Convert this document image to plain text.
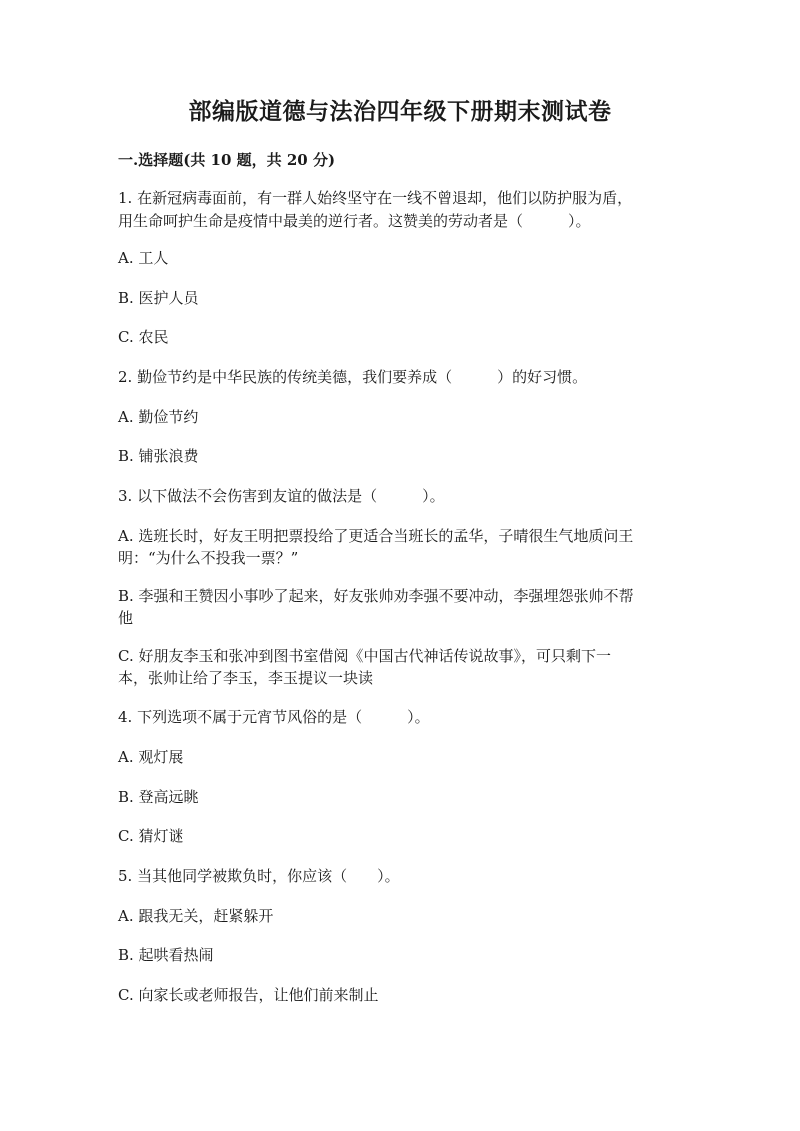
部编版道德与法治四年级下册期末测试卷
一.选择题(共 10 题，共 20 分)
1. 在新冠病毒面前，有一群人始终坚守在一线不曾退却，他们以防护服为盾，
用生命呵护生命是疫情中最美的逆行者。这赞美的劳动者是（　　　）。
A. 工人
B. 医护人员
C. 农民
2. 勤俭节约是中华民族的传统美德，我们要养成（　　　）的好习惯。
A. 勤俭节约
B. 铺张浪费
3. 以下做法不会伤害到友谊的做法是（　　　）。
A. 选班长时，好友王明把票投给了更适合当班长的孟华，子晴很生气地质问王
明：“为什么不投我一票？”
B. 李强和王赞因小事吵了起来，好友张帅劝李强不要冲动，李强埋怨张帅不帮
他
C. 好朋友李玉和张冲到图书室借阅《中国古代神话传说故事》，可只剩下一
本，张帅让给了李玉，李玉提议一块读
4. 下列选项不属于元宵节风俗的是（　　　）。
A. 观灯展
B. 登高远眺
C. 猜灯谜
5. 当其他同学被欺负时，你应该（　　）。
A. 跟我无关，赶紧躲开
B. 起哄看热闹
C. 向家长或老师报告，让他们前来制止
